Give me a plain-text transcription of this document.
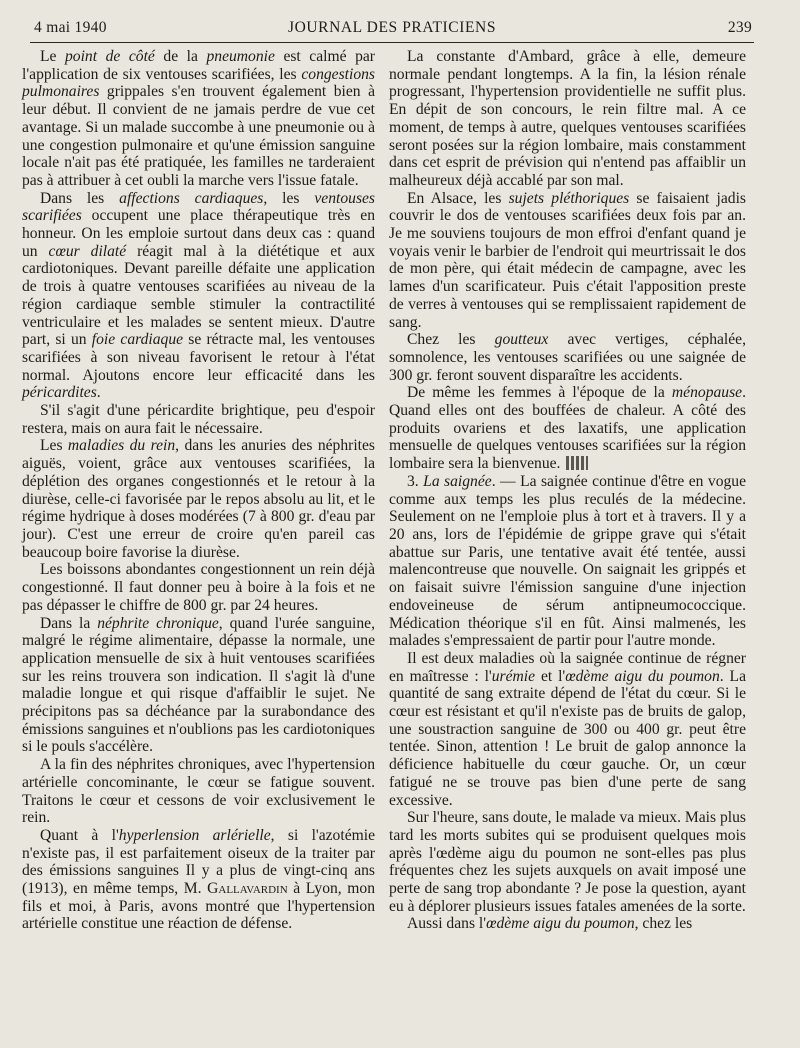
4 mai 1940	JOURNAL DES PRATICIENS	239

Le point de côté de la pneumonie est calmé par l'application de six ventouses scarifiées, les congestions pulmonaires grippales s'en trouvent également bien à leur début. Il convient de ne jamais perdre de vue cet avantage. Si un malade succombe à une pneumonie ou à une congestion pulmonaire et qu'une émission sanguine locale n'ait pas été pratiquée, les familles ne tarderaient pas à attribuer à cet oubli la marche vers l'issue fatale.

Dans les affections cardiaques, les ventouses scarifiées occupent une place thérapeutique très en honneur. On les emploie surtout dans deux cas : quand un cœur dilaté réagit mal à la diététique et aux cardiotoniques. Devant pareille défaite une application de trois à quatre ventouses scarifiées au niveau de la région cardiaque semble stimuler la contractilité ventriculaire et les malades se sentent mieux. D'autre part, si un foie cardiaque se rétracte mal, les ventouses scarifiées à son niveau favorisent le retour à l'état normal. Ajoutons encore leur efficacité dans les péricardites.

S'il s'agit d'une péricardite brightique, peu d'espoir restera, mais on aura fait le nécessaire.

Les maladies du rein, dans les anuries des néphrites aiguës, voient, grâce aux ventouses scarifiées, la déplétion des organes congestionnés et le retour à la diurèse, celle-ci favorisée par le repos absolu au lit, et le régime hydrique à doses modérées (7 à 800 gr. d'eau par jour). C'est une erreur de croire qu'en pareil cas beaucoup boire favorise la diurèse.

Les boissons abondantes congestionnent un rein déjà congestionné. Il faut donner peu à boire à la fois et ne pas dépasser le chiffre de 800 gr. par 24 heures.

Dans la néphrite chronique, quand l'urée sanguine, malgré le régime alimentaire, dépasse la normale, une application mensuelle de six à huit ventouses scarifiées sur les reins trouvera son indication. Il s'agit là d'une maladie longue et qui risque d'affaiblir le sujet. Ne précipitons pas sa déchéance par la surabondance des émissions sanguines et n'oublions pas les cardiotoniques si le pouls s'accélère.

A la fin des néphrites chroniques, avec l'hypertension artérielle concominante, le cœur se fatigue souvent. Traitons le cœur et cessons de voir exclusivement le rein.

Quant à l'hyperlension arlérielle, si l'azotémie n'existe pas, il est parfaitement oiseux de la traiter par des émissions sanguines Il y a plus de vingt-cinq ans (1913), en même temps, M. Gallavardin à Lyon, mon fils et moi, à Paris, avons montré que l'hypertension artérielle constitue une réaction de défense.

La constante d'Ambard, grâce à elle, demeure normale pendant longtemps. A la fin, la lésion rénale progressant, l'hypertension providentielle ne suffit plus. En dépit de son concours, le rein filtre mal. A ce moment, de temps à autre, quelques ventouses scarifiées seront posées sur la région lombaire, mais constamment dans cet esprit de prévision qui n'entend pas affaiblir un malheureux déjà accablé par son mal.

En Alsace, les sujets pléthoriques se faisaient jadis couvrir le dos de ventouses scarifiées deux fois par an. Je me souviens toujours de mon effroi d'enfant quand je voyais venir le barbier de l'endroit qui meurtrissait le dos de mon père, qui était médecin de campagne, avec les lames d'un scarificateur. Puis c'était l'apposition preste de verres à ventouses qui se remplissaient rapidement de sang.

Chez les goutteux avec vertiges, céphalée, somnolence, les ventouses scarifiées ou une saignée de 300 gr. feront souvent disparaître les accidents.

De même les femmes à l'époque de la ménopause. Quand elles ont des bouffées de chaleur. A côté des produits ovariens et des laxatifs, une application mensuelle de quelques ventouses scarifiées sur la région lombaire sera la bienvenue.

3. La saignée. — La saignée continue d'être en vogue comme aux temps les plus reculés de la médecine. Seulement on ne l'emploie plus à tort et à travers. Il y a 20 ans, lors de l'épidémie de grippe grave qui s'était abattue sur Paris, une tentative avait été tentée, aussi malencontreuse que nouvelle. On saignait les grippés et on faisait suivre l'émission sanguine d'une injection endoveineuse de sérum antipneumococcique. Médication théorique s'il en fût. Ainsi malmenés, les malades s'empressaient de partir pour l'autre monde.

Il est deux maladies où la saignée continue de régner en maîtresse : l'urémie et l'œdème aigu du poumon. La quantité de sang extraite dépend de l'état du cœur. Si le cœur est résistant et qu'il n'existe pas de bruits de galop, une soustraction sanguine de 300 ou 400 gr. peut être tentée. Sinon, attention ! Le bruit de galop annonce la déficience habituelle du cœur gauche. Or, un cœur fatigué ne se trouve pas bien d'une perte de sang excessive.

Sur l'heure, sans doute, le malade va mieux. Mais plus tard les morts subites qui se produisent quelques mois après l'œdème aigu du poumon ne sont-elles pas plus fréquentes chez les sujets auxquels on avait imposé une perte de sang trop abondante ? Je pose la question, ayant eu à déplorer plusieurs issues fatales amenées de la sorte.

Aussi dans l'œdème aigu du poumon, chez les
